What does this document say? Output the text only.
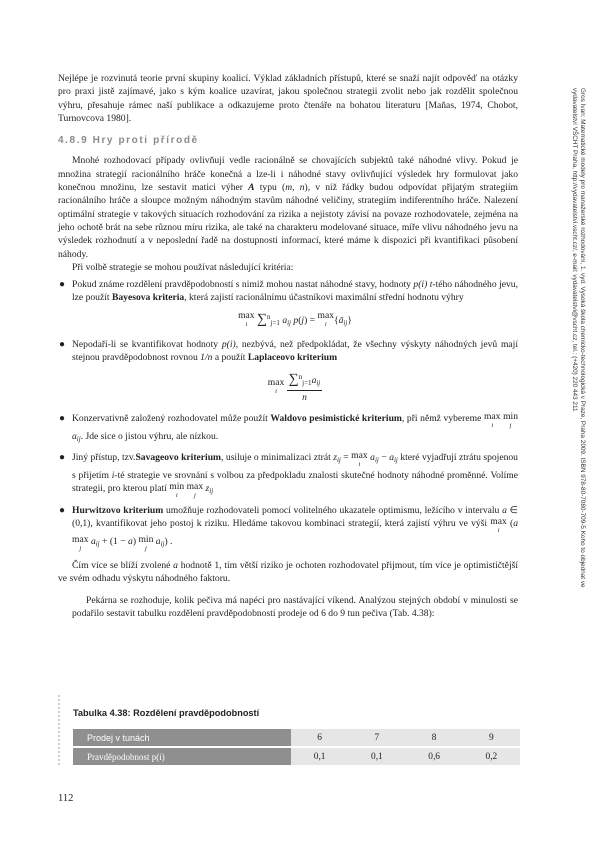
Nejlépe je rozvinutá teorie první skupiny koalicí. Výklad základních přístupů, které se snaží najít odpověď na otázky pro praxi jistě zajímavé, jako s kým koalice uzavírat, jakou společnou strategii zvolit nebo jak rozdělit společnou výhru, přesahuje rámec naší publikace a odkazujeme proto čtenáře na bohatou literaturu [Maňas, 1974, Chobot, Turnovcova 1980].

4.8.9 Hry proti přírodě

Mnohé rozhodovací případy ovlivňují vedle racionálně se chovajících subjektů také náhodné vlivy. Pokud je množina strategií racionálního hráče konečná a lze-li i náhodné stavy ovlivňující výsledek hry formulovat jako konečnou množinu, lze sestavit matici výher A typu (m, n), v níž řádky budou odpovídat přijatým strategiím racionálního hráče a sloupce možným náhodným stavům náhodné veličiny, strategiím indiferentního hráče. Nalezení optimální strategie v takových situacích rozhodování za rizika a nejistoty závisí na povaze rozhodovatele, zejména na jeho ochotě brát na sebe různou míru rizika, ale také na charakteru modelované situace, míře vlivu náhodného jevu na výsledek rozhodnutí a v neposlední řadě na dostupnosti informací, které máme k dispozici při kvantifikaci působení náhody.

Při volbě strategie se mohou používat následující kritéria:

● Pokud známe rozdělení pravděpodobností s nimiž mohou nastat náhodné stavy, hodnoty p(i) t-tého náhodného jevu, lze použít Bayesova kriteria, která zajistí racionálnímu účastníkovi maximální střední hodnotu výhry
max
i ∑$^n_{j=1}$ $a_{ij}$ p(j) = max
i $\{ā_{ij}\}$
● Nepodaří-li se kvantifikovat hodnoty p(i), nezbývá, než předpokládat, že všechny výskyty náhodných jevů mají stejnou pravděpodobnost rovnou 1/n a použít Laplaceovo kriterium
max
i
$\frac{\sum^n_{j=1}a_{ij}}{n}$
● Konzervativně založený rozhodovatel může použít Waldovo pesimistické kriterium, při němž vybereme max
i
min
j
$a_{ij}$. Jde sice o jistou výhru, ale nízkou.
● Jiný přístup, tzv.Savageovo kriterium, usiluje o minimalizaci ztrát $z_{ij} = \max$
i
$a_{ij} - a_{ij}$ které vyjadřují ztrátu spojenou s přijetím i-té strategie ve srovnání s volbou za předpokladu znalosti skutečné hodnoty náhodné proměnné. Volíme strategii, pro kterou platí min
i
max
j
$z_{ij}$
● Hurwitzovo kriterium umožňuje rozhodovateli pomocí volitelného ukazatele optimismu, ležícího v intervalu a ∈ (0,1), kvantifikovat jeho postoj k riziku. Hledáme takovou kombinaci strategií, která zajistí výhru ve výši max
i
(a max
j
$a_{ij} + (1 - a)$ min
j
$a_{ij}$) .

Čím více se blíží zvolené a hodnotě 1, tím větší riziko je ochoten rozhodovatel přijmout, tím více je optimističtější ve svém odhadu výskytu náhodného faktoru.

Pekárna se rozhoduje, kolik pečiva má napéci pro nastávající víkend. Analýzou stejných období v minulosti se podařilo sestavit tabulku rozdělení pravděpodobností prodeje od 6 do 9 tun pečiva (Tab. 4.38):

Tabulka 4.38: Rozdělení pravděpodobností
Prodej v tunách	6	7	8	9
Pravděpodobnost p(i)	0,1	0,1	0,6	0,2
112
Gros Ivan: Matematické modely pro manažerské rozhodování, 1. vyd. Vysoká škola chemicko-technologická v Praze, Praha 2009. ISBN 978-80-7080-709-5 Koho to objednat ve vydavatelství VŠCHT Praha, http://vydavatelstvi.vscht.cz/, e-mail: vydavatelstvi@vscht.cz, tel.: (+420) 220 443 211
